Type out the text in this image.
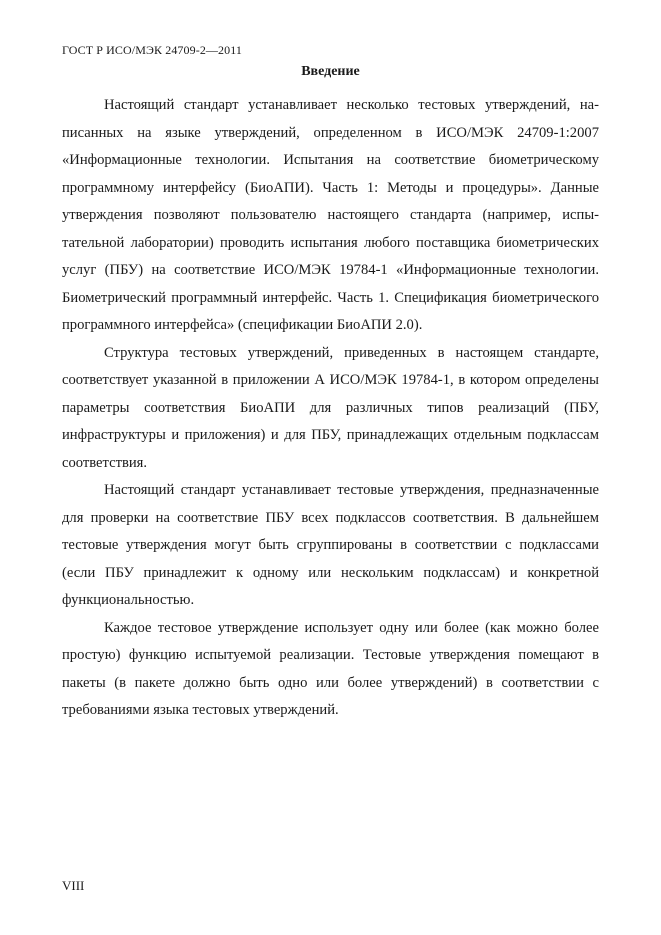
ГОСТ Р ИСО/МЭК 24709-2—2011
Введение

Настоящий стандарт устанавливает несколько тестовых утверждений, написанных на языке утверждений, определенном в ИСО/МЭК 24709-1:2007 «Информационные технологии. Испытания на соответствие биометрическому программному интерфейсу (БиоАПИ). Часть 1: Методы и процедуры». Данные утверждения позволяют пользователю настоящего стандарта (например, испытательной лаборатории) проводить испытания любого поставщика биометрических услуг (ПБУ) на соответствие ИСО/МЭК 19784-1 «Информационные технологии. Биометрический программный интерфейс. Часть 1. Спецификация биометрического программного интерфейса» (спецификации БиоАПИ 2.0).

Структура тестовых утверждений, приведенных в настоящем стандарте, соответствует указанной в приложении А ИСО/МЭК 19784-1, в котором определены параметры соответствия БиоАПИ для различных типов реализаций (ПБУ, инфраструктуры и приложения) и для ПБУ, принадлежащих отдельным подклассам соответствия.

Настоящий стандарт устанавливает тестовые утверждения, предназначенные для проверки на соответствие ПБУ всех подклассов соответствия. В дальнейшем тестовые утверждения могут быть сгруппированы в соответствии с подклассами (если ПБУ принадлежит к одному или нескольким подклассам) и конкретной функциональностью.

Каждое тестовое утверждение использует одну или более (как можно более простую) функцию испытуемой реализации. Тестовые утверждения помещают в пакеты (в пакете должно быть одно или более утверждений) в соответствии с требованиями языка тестовых утверждений.

VIII
